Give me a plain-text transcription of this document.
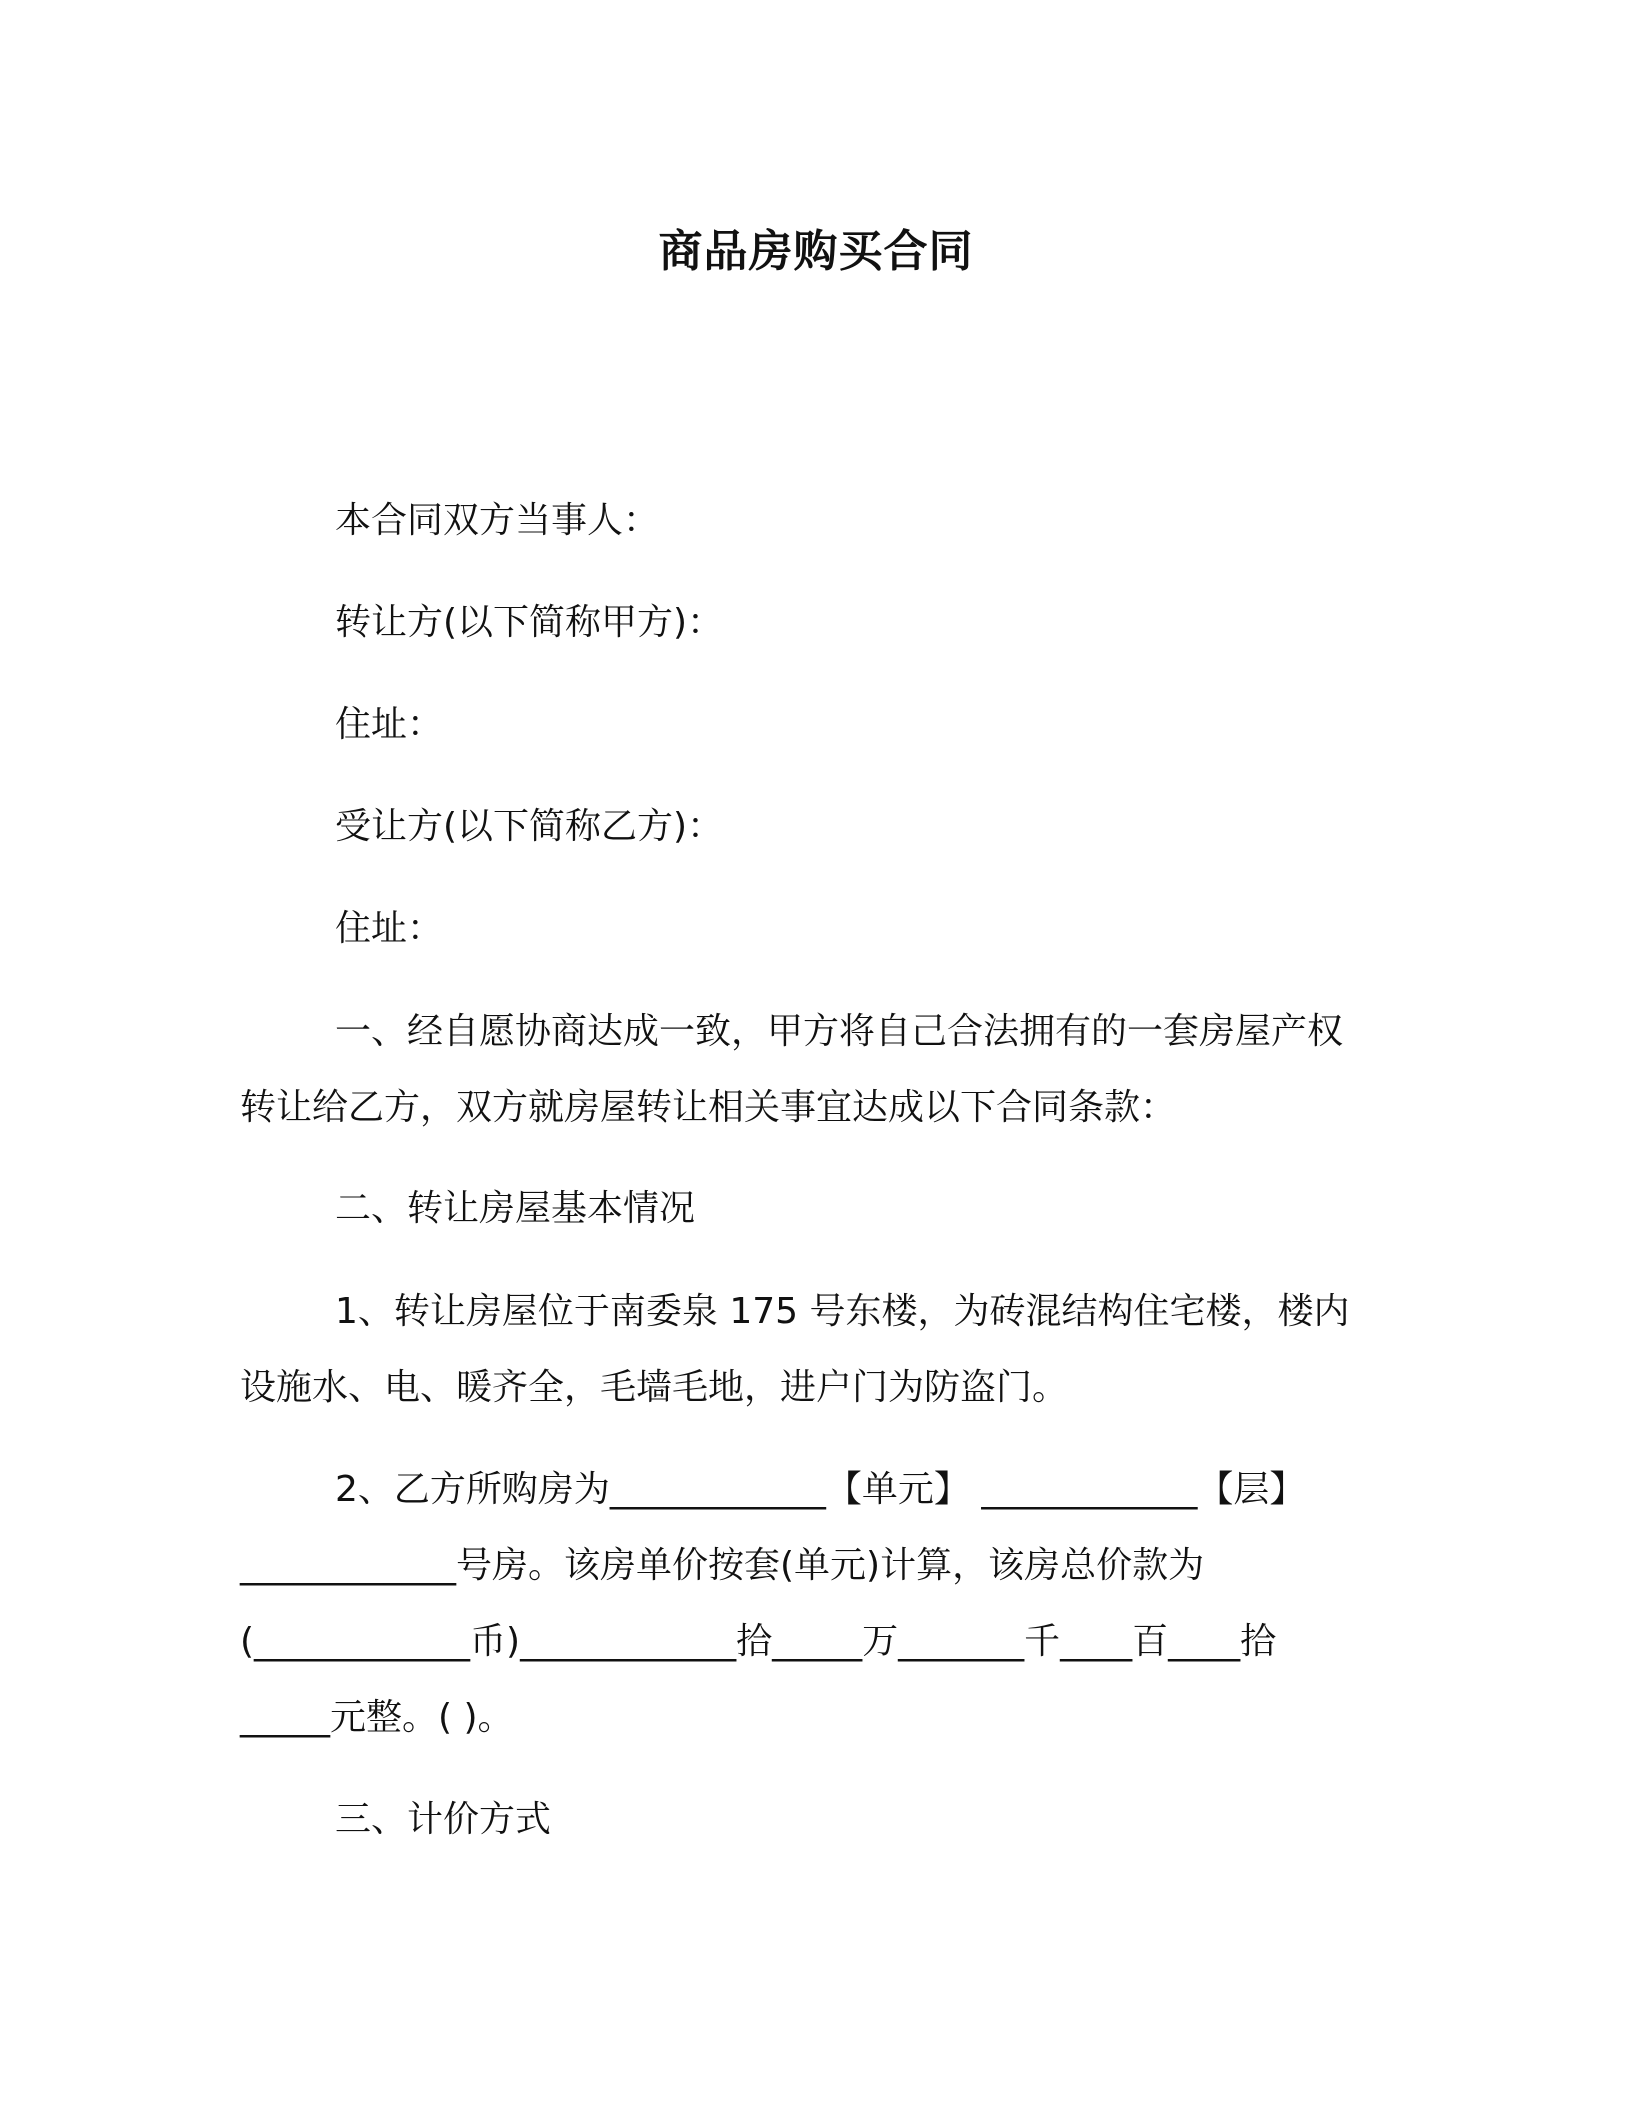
商品房购买合同
本合同双方当事人：
转让方(以下简称甲方)：
住址：
受让方(以下简称乙方)：
住址：
一、经自愿协商达成一致，甲方将自己合法拥有的一套房屋产权
转让给乙方，双方就房屋转让相关事宜达成以下合同条款：
二、转让房屋基本情况
1、转让房屋位于南委泉 175 号东楼，为砖混结构住宅楼，楼内
设施水、电、暖齐全，毛墙毛地，进户门为防盗门。
2、乙方所购房为____________【单元】 ____________【层】
____________号房。该房单价按套(单元)计算，该房总价款为
(____________币)____________拾_____万_______千____百____拾
_____元整。( )。
三、计价方式
